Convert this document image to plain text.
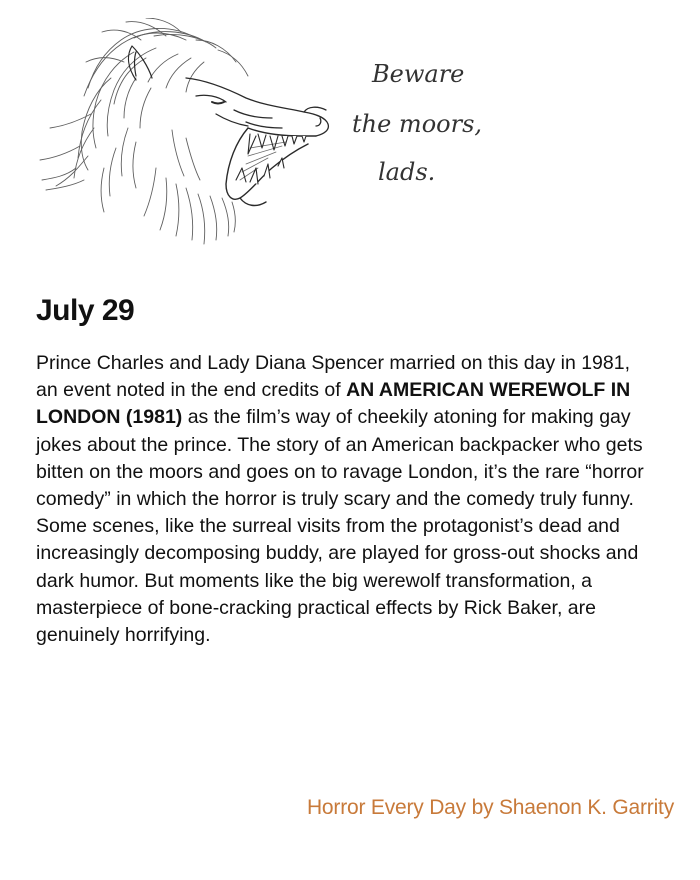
Beware
the moors,
lads.
July 29

Prince Charles and Lady Diana Spencer married on this day in 1981, an event noted in the end credits of AN AMERICAN WEREWOLF IN LONDON (1981) as the film’s way of cheekily atoning for making gay jokes about the prince. The story of an American backpacker who gets bitten on the moors and goes on to ravage London, it’s the rare “horror comedy” in which the horror is truly scary and the comedy truly funny. Some scenes, like the surreal visits from the protagonist’s dead and increasingly decomposing buddy, are played for gross-out shocks and dark humor. But moments like the big werewolf transformation, a masterpiece of bone-cracking practical effects by Rick Baker, are genuinely horrifying.

Horror Every Day by Shaenon K. Garrity
